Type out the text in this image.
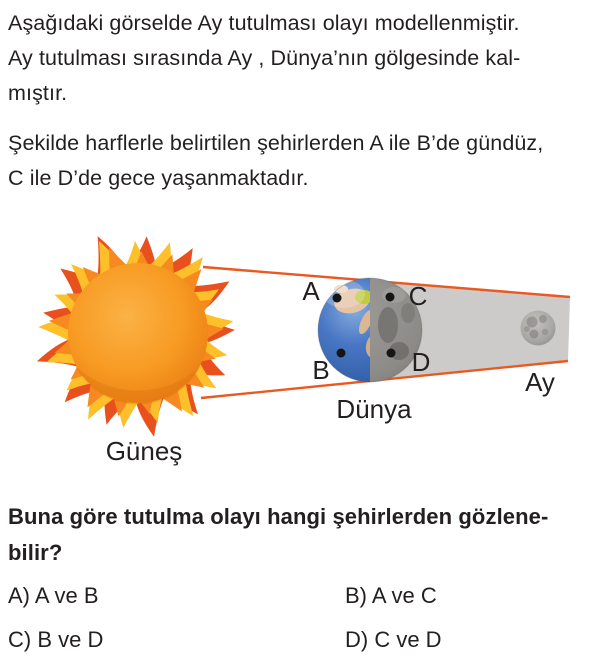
Aşağıdaki görselde Ay tutulması olayı modellenmiştir.
Ay tutulması sırasında Ay , Dünya’nın gölgesinde kal-
mıştır.
Şekilde harflerle belirtilen şehirlerden A ile B’de gündüz,
C ile D’de gece yaşanmaktadır.
A
B
C
D
Güneş
Dünya
Ay
Buna göre tutulma olayı hangi şehirlerden gözlene-
bilir?
A) A ve B	B) A ve C
C) B ve D	D) C ve D
